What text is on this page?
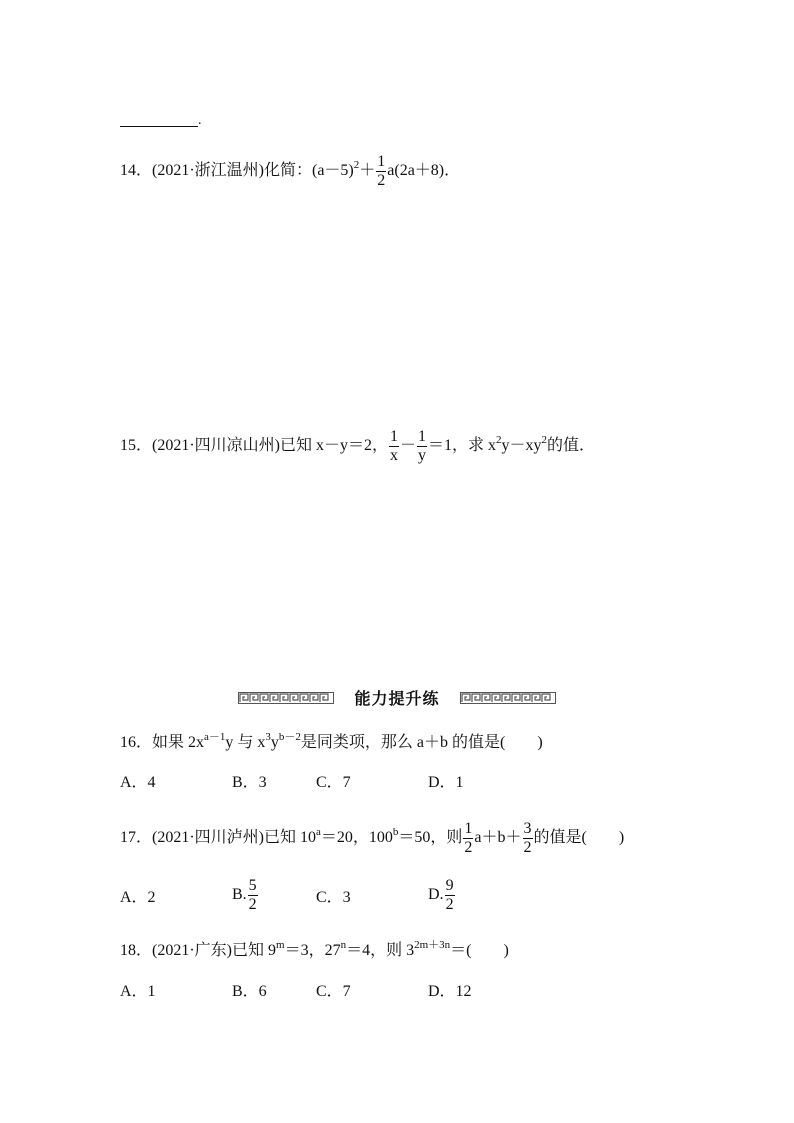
.
14．(2021·浙江温州)化简：$(a-5)^2+ \frac{1}{2} a(2a+8)$．
15．(2021·四川凉山州)已知 x－y＝2， $\frac{1}{x} - \frac{1}{y} =1$，求 $x^2y-xy^2$的值．
能力提升练
16．如果 $2x^{a-1}y$ 与 $x^3y^{b-2}$是同类项，那么 a＋b 的值是(　　)
A．4	B．3	C．7	D．1
17．(2021·四川泸州)已知 $10^a=20$，$100^b=50$，则 $\frac{1}{2} a+b+ \frac{3}{2}$ 的值是(　　)
A．2	B. $\frac{5}{2}$	C．3	D. $\frac{9}{2}$
18．(2021·广东)已知 $9^m=3$，$27^n=4$，则 $3^{2m+3n}=$(　　)
A．1	B．6	C．7	D．12
